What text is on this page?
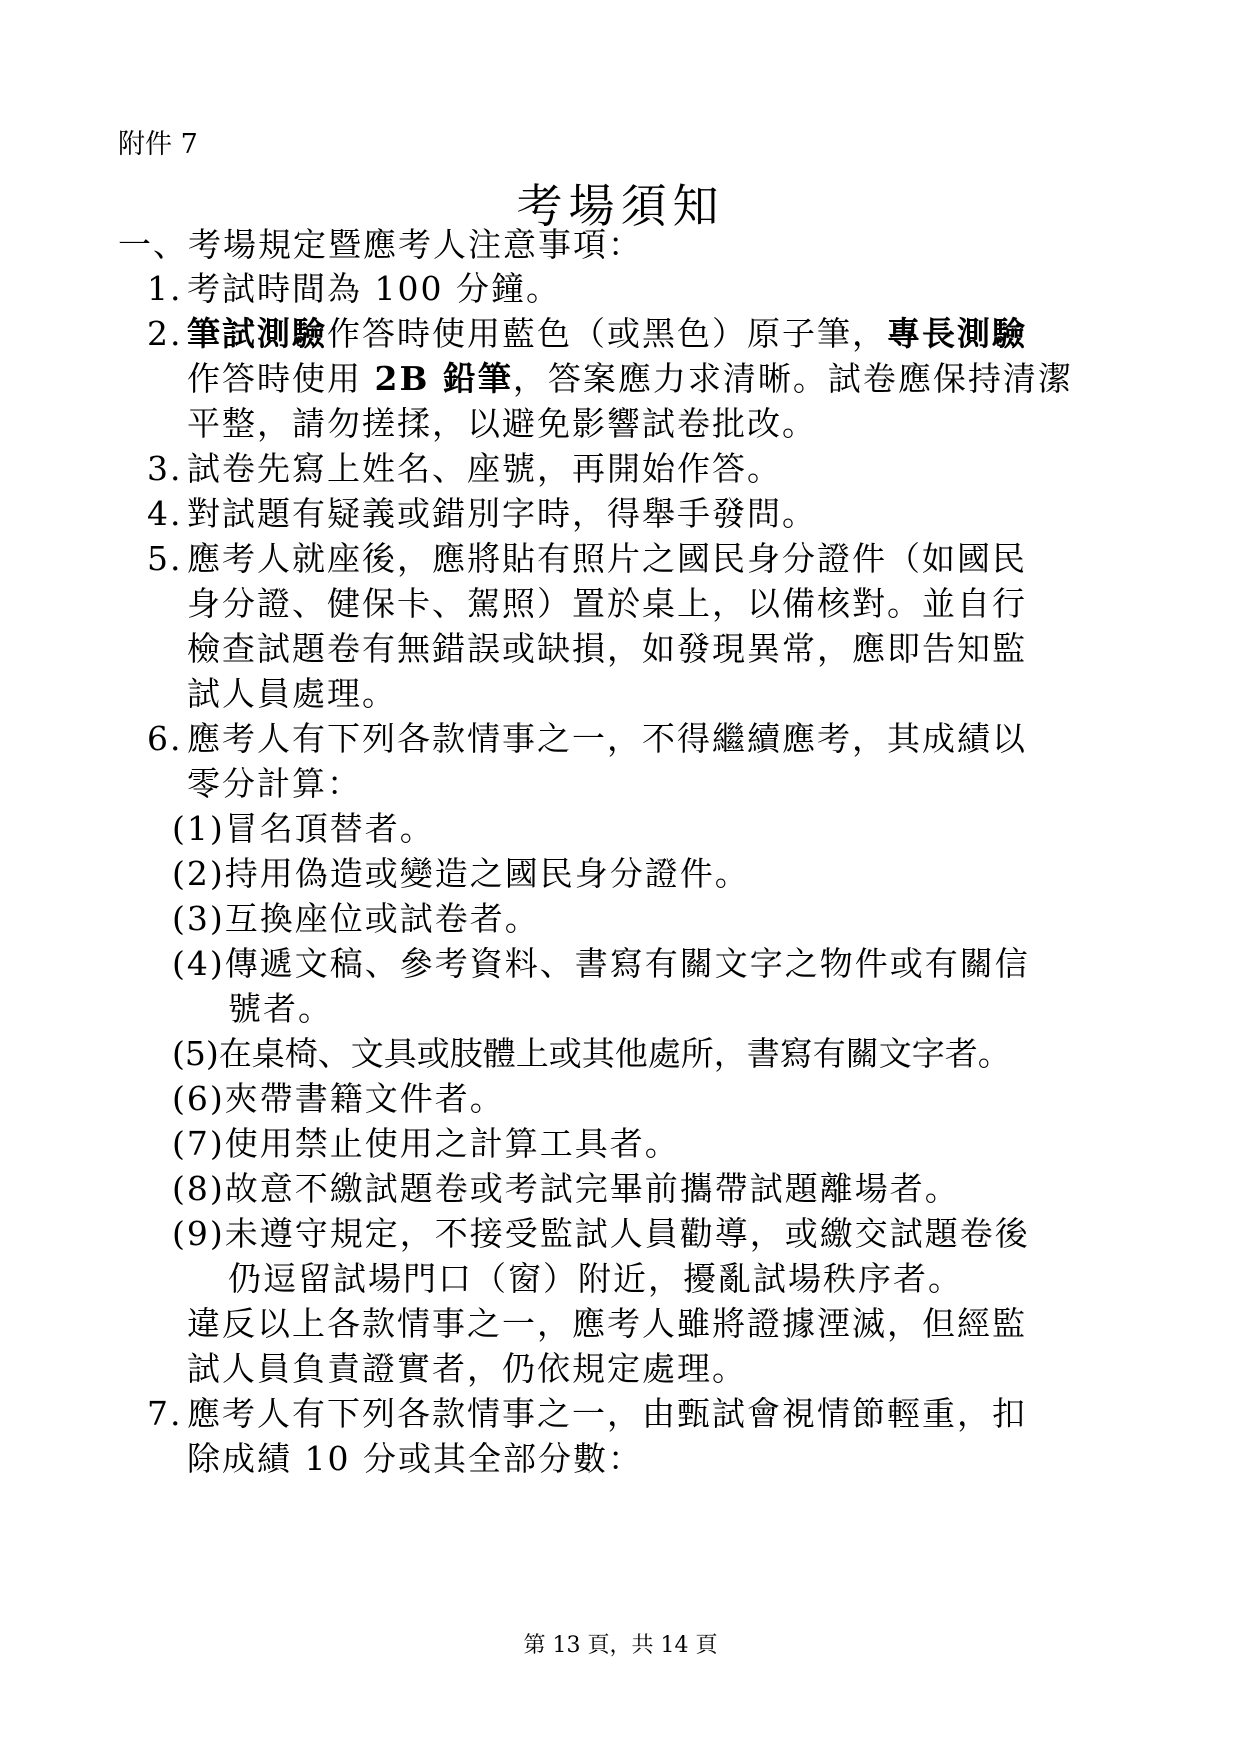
附件 7
考場須知
一、考場規定暨應考人注意事項：
1. 考試時間為 100 分鐘。
2. 筆試測驗作答時使用藍色（或黑色）原子筆，專長測驗
作答時使用 2B 鉛筆，答案應力求清晰。試卷應保持清潔
平整，請勿搓揉，以避免影響試卷批改。
3. 試卷先寫上姓名、座號，再開始作答。
4. 對試題有疑義或錯別字時，得舉手發問。
5. 應考人就座後，應將貼有照片之國民身分證件（如國民
身分證、健保卡、駕照）置於桌上，以備核對。並自行
檢查試題卷有無錯誤或缺損，如發現異常，應即告知監
試人員處理。
6. 應考人有下列各款情事之一，不得繼續應考，其成績以
零分計算：
(1)冒名頂替者。
(2)持用偽造或變造之國民身分證件。
(3)互換座位或試卷者。
(4)傳遞文稿、參考資料、書寫有關文字之物件或有關信
號者。
(5)在桌椅、文具或肢體上或其他處所，書寫有關文字者。
(6)夾帶書籍文件者。
(7)使用禁止使用之計算工具者。
(8)故意不繳試題卷或考試完畢前攜帶試題離場者。
(9)未遵守規定，不接受監試人員勸導，或繳交試題卷後
仍逗留試場門口（窗）附近，擾亂試場秩序者。
違反以上各款情事之一，應考人雖將證據湮滅，但經監
試人員負責證實者，仍依規定處理。
7. 應考人有下列各款情事之一，由甄試會視情節輕重，扣
除成績 10 分或其全部分數：
第 13 頁，共 14 頁
